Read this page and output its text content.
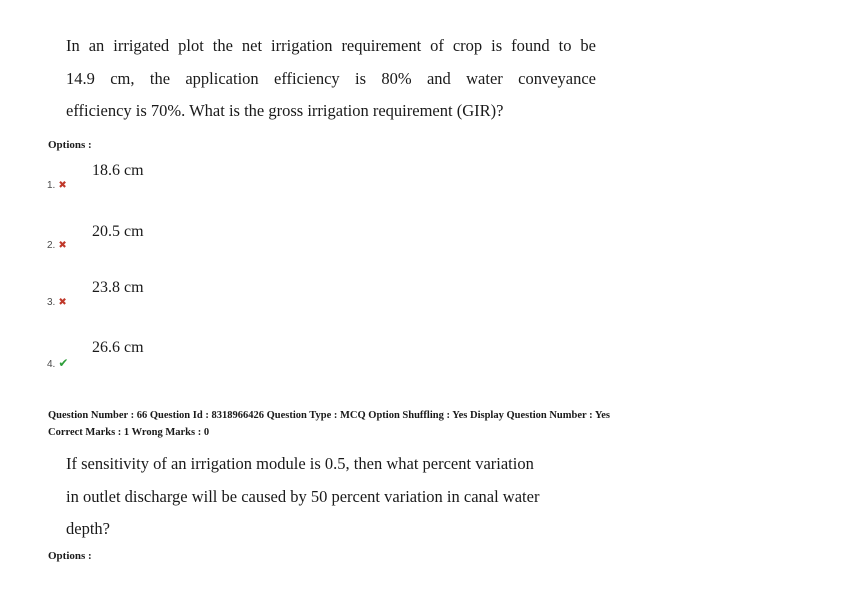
In an irrigated plot the net irrigation requirement of crop is found to be

14.9 cm, the application efficiency is 80% and water conveyance

efficiency is 70%. What is the gross irrigation requirement (GIR)?

Options :
18.6 cm
1. ✖
20.5 cm
2. ✖
23.8 cm
3. ✖
26.6 cm
4. ✔
Question Number : 66 Question Id : 8318966426 Question Type : MCQ Option Shuffling : Yes Display Question Number : Yes
Correct Marks : 1 Wrong Marks : 0

If sensitivity of an irrigation module is 0.5, then what percent variation

in outlet discharge will be caused by 50 percent variation in canal water

depth?

Options :
